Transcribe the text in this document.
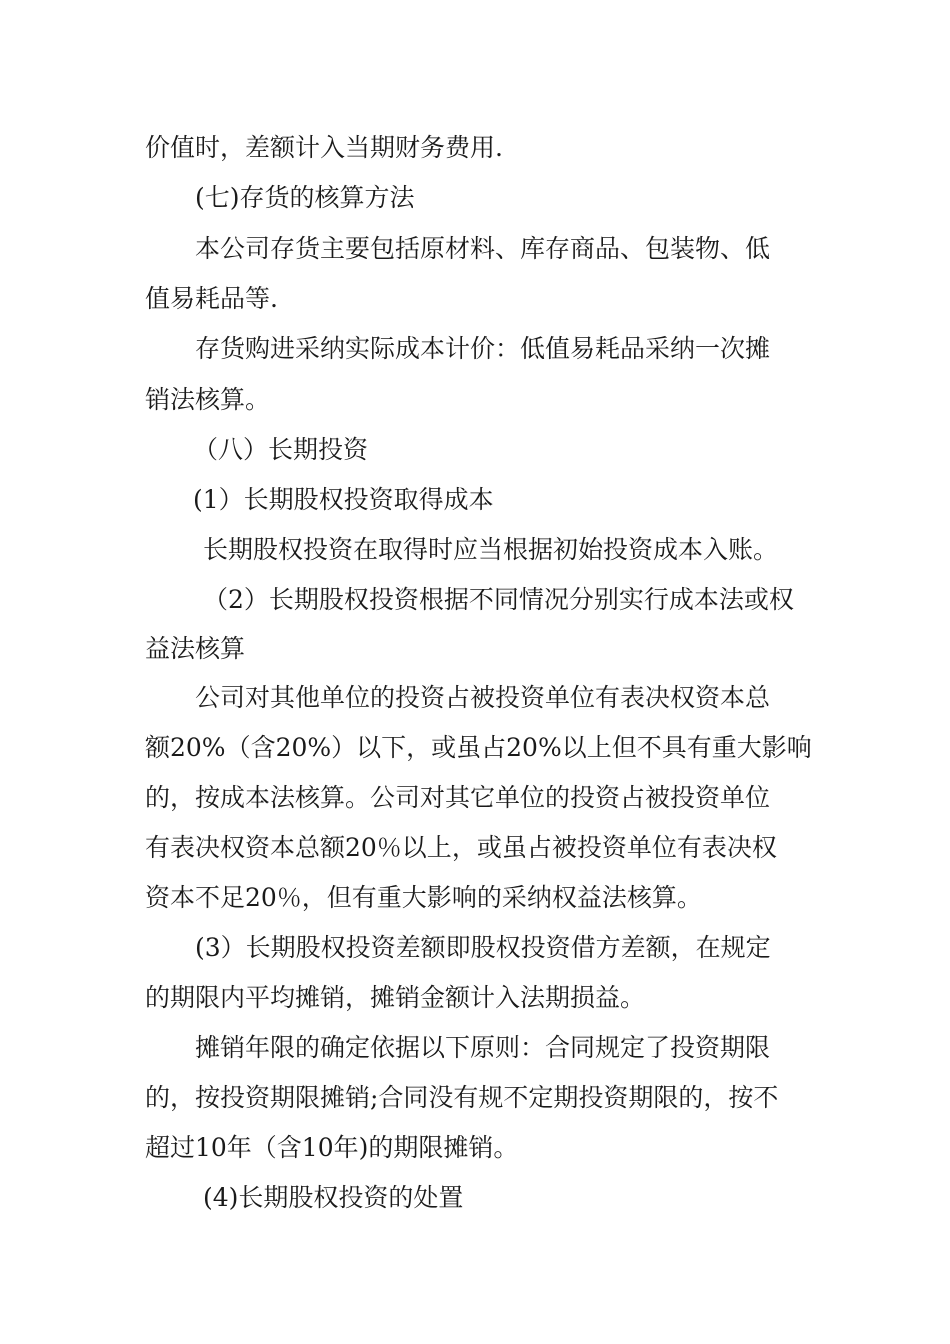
价值时，差额计入当期财务费用.
(七)存货的核算方法
本公司存货主要包括原材料、库存商品、包装物、低
值易耗品等.
存货购进采纳实际成本计价：低值易耗品采纳一次摊
销法核算。
（八）长期投资
(1）长期股权投资取得成本
长期股权投资在取得时应当根据初始投资成本入账。
（2）长期股权投资根据不同情况分别实行成本法或权
益法核算
公司对其他单位的投资占被投资单位有表决权资本总
额20%（含20%）以下，或虽占20%以上但不具有重大影响
的，按成本法核算。公司对其它单位的投资占被投资单位
有表决权资本总额20％以上，或虽占被投资单位有表决权
资本不足20％，但有重大影响的采纳权益法核算。
(3）长期股权投资差额即股权投资借方差额，在规定
的期限内平均摊销，摊销金额计入法期损益。
摊销年限的确定依据以下原则：合同规定了投资期限
的，按投资期限摊销;合同没有规不定期投资期限的，按不
超过10年（含10年)的期限摊销。
(4)长期股权投资的处置
